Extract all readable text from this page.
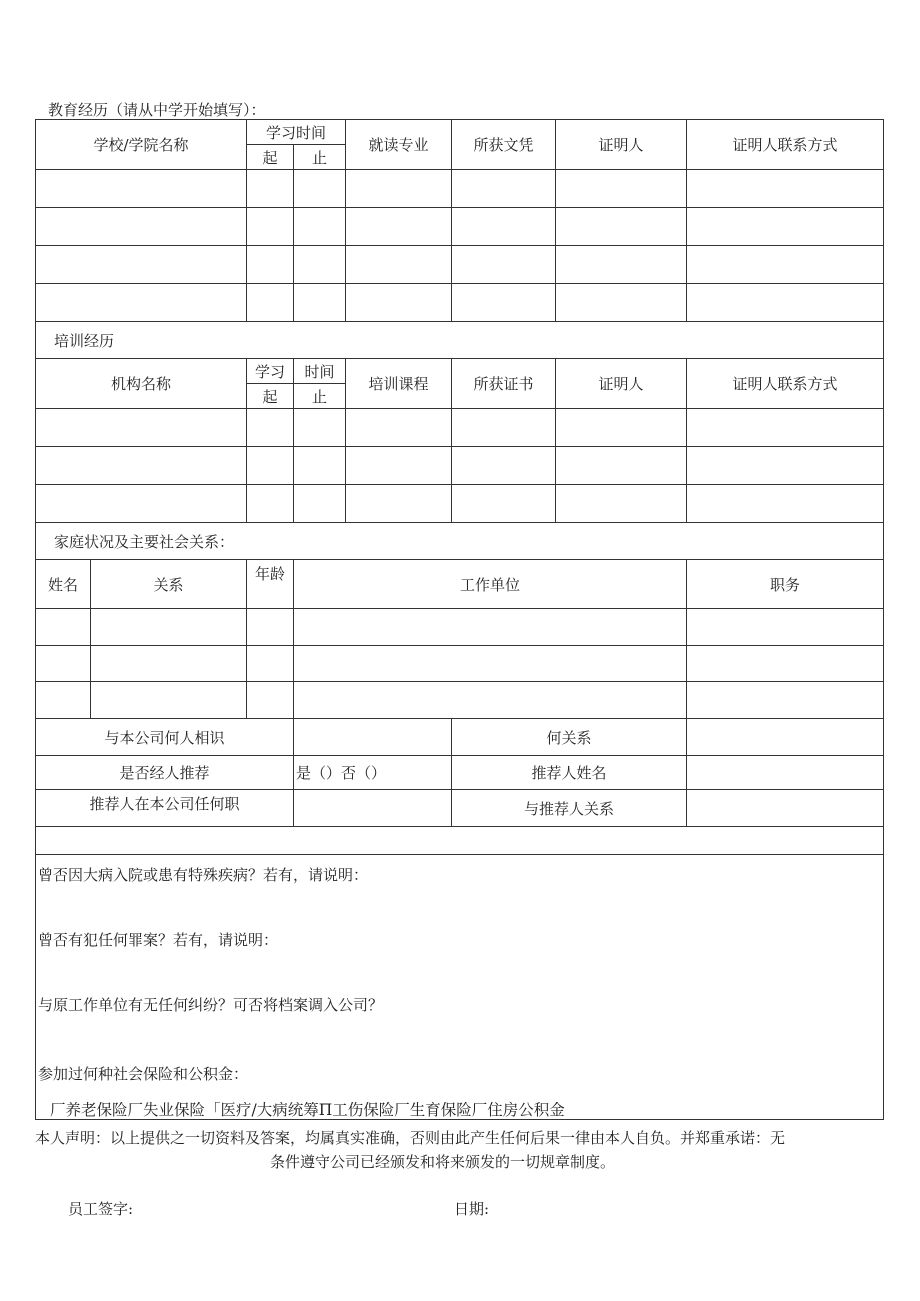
教育经历（请从中学开始填写）：
学校/学院名称		学习时间		就读专业	所获文凭	证明人	证明人联系方式
		起	止				

培训经历							
机构名称		学习	时间	培训课程	所获证书	证明人	证明人联系方式
		起	止				

家庭状况及主要社会关系：							
姓名	关系	年龄	工作单位				职务

与本公司何人相识					何关系		
是否经人推荐			是（）否（）		推荐人姓名		
推荐人在本公司任何职					与推荐人关系		

曾否因大病入院或患有特殊疾病？若有，请说明：
曾否有犯任何罪案？若有，请说明：
与原工作单位有无任何纠纷？可否将档案调入公司？
参加过何种社会保险和公积金：
厂养老保险厂失业保险「医疗/大病统筹Π工伤保险厂生育保险厂住房公积金							
本人声明：以上提供之一切资料及答案，均属真实准确，否则由此产生任何后果一律由本人自负。并郑重承诺：无
条件遵守公司已经颁发和将来颁发的一切规章制度。
员工签字:	日期:
